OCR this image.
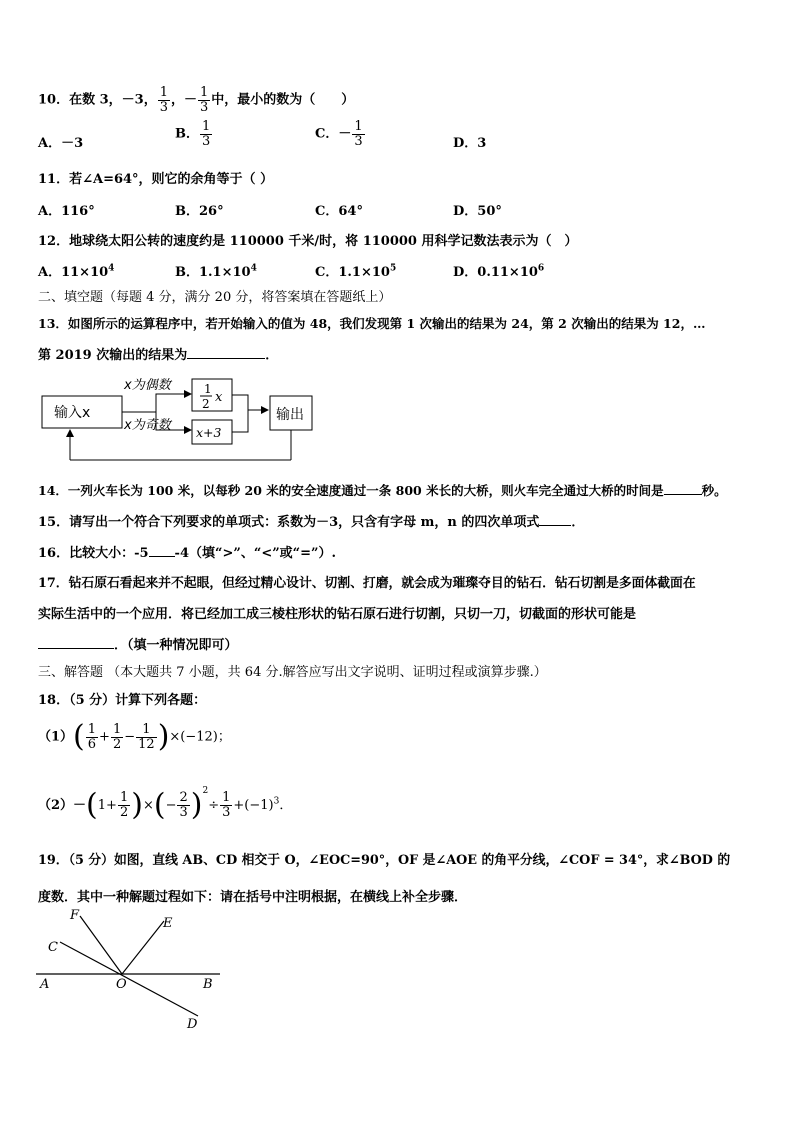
10．在数 3，－3， $\frac{1}{3}$ ，－ $\frac{1}{3}$ 中，最小的数为（　　）
A．－3
B． $\frac{1}{3}$	C．－ $\frac{1}{3}$	D．3
11．若∠A=64°，则它的余角等于（ ）
A．116°	B．26°	C．64°	D．50°
12．地球绕太阳公转的速度约是 110000 千米/时，将 110000 用科学记数法表示为（　）
A．$11\times 10^4$	B．$1.1\times 10^4$	C．$1.1\times 10^5$	D．$0.11\times 10^6$
二、填空题（每题 4 分，满分 20 分，将答案填在答题纸上）
13．如图所示的运算程序中，若开始输入的值为 48，我们发现第 1 次输出的结果为 24，第 2 次输出的结果为 12，…
第 2019 次输出的结果为	．
输入x
x为偶数
x为奇数
1
2 x
x+3
输出
14．一列火车长为 100 米，以每秒 20 米的安全速度通过一条 800 米长的大桥，则火车完全通过大桥的时间是	秒。
15．请写出一个符合下列要求的单项式：系数为－3，只含有字母 m，n 的四次单项式 ．
16．比较大小：-5 -4（填“>”、“<”或“=”）.
17．钻石原石看起来并不起眼，但经过精心设计、切割、打磨，就会成为璀璨夺目的钻石．钻石切割是多面体截面在
实际生活中的一个应用．将已经加工成三棱柱形状的钻石原石进行切割，只切一刀，切截面的形状可能是
．（填一种情况即可）
三、解答题 （本大题共 7 小题，共 64 分.解答应写出文字说明、证明过程或演算步骤.）
18．（5 分）计算下列各题：
$(1)( \frac{1}{6} + \frac{1}{2} - \frac{1}{12} )\times(-12)$；
$(2)-(1+ \frac{1}{2}$ )×(− $\frac{2}{3} )^2\div \frac{1}{3} +(-1)^3$．
19．（5 分）如图，直线 AB、CD 相交于 O，∠EOC=90°，OF 是∠AOE 的角平分线，∠COF = 34°，求∠BOD 的
度数．其中一种解题过程如下：请在括号中注明根据，在横线上补全步骤．
F
E
C
A	O	B
D
